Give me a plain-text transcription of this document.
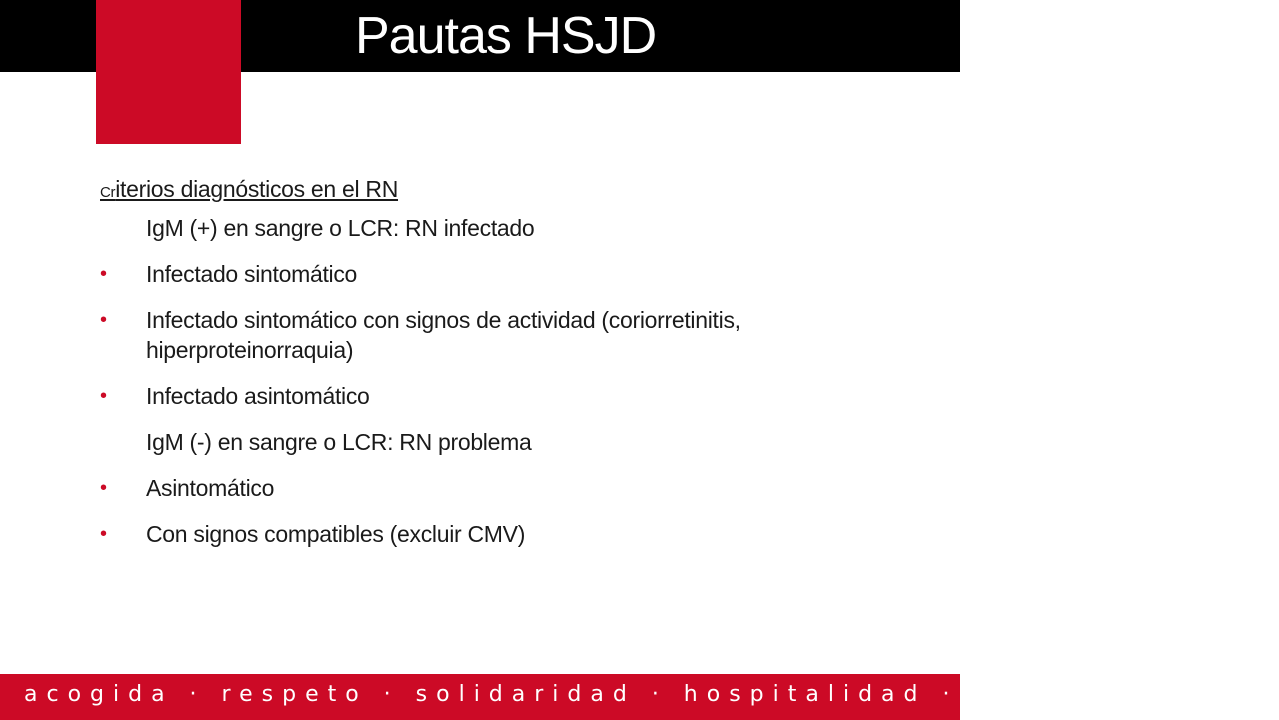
Pautas HSJD
Criterios diagnósticos en el RN
IgM (+) en sangre o LCR: RN infectado
• Infectado sintomático
• Infectado sintomático con signos de actividad (coriorretinitis, hiperproteinorraquia)
• Infectado asintomático
IgM (-) en sangre o LCR: RN problema
• Asintomático
• Con signos compatibles (excluir CMV)
acogida · respeto · solidaridad · hospitalidad · profesionalidad
